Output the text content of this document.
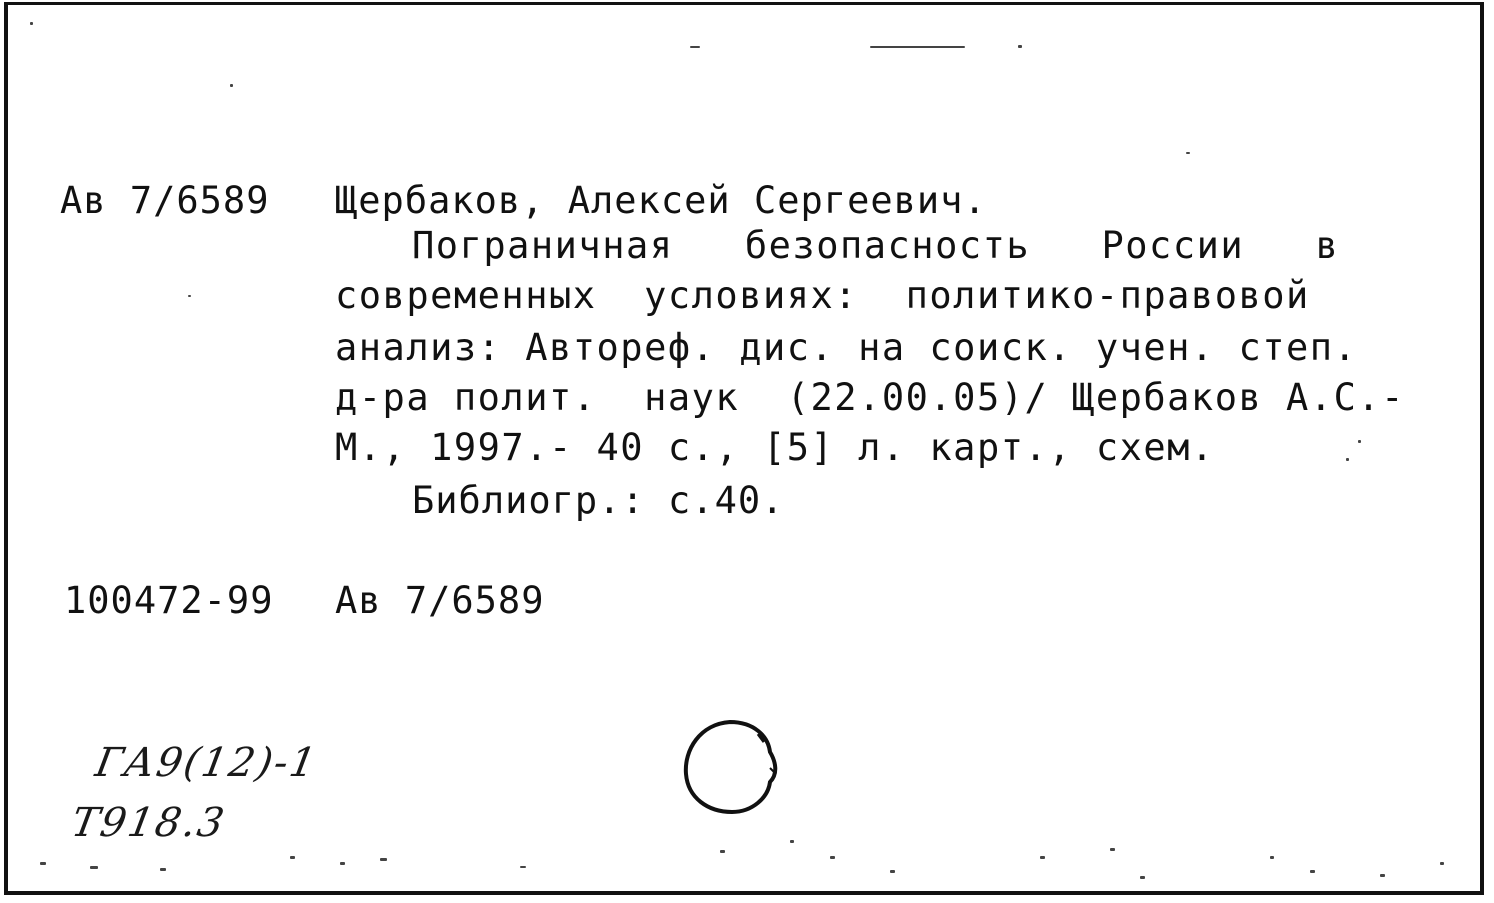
Ав 7/6589 Щербаков, Алексей Сергеевич.
Пограничная   безопасность   России   в
современных  условиях:  политико-правовой
анализ: Автореф. дис. на соиск. учен. степ.
д-ра полит.  наук  (22.00.05)/ Щербаков А.С.-
М., 1997.- 40 с., [5] л. карт., схем.
Библиогр.: с.40.
100472-99 Ав 7/6589
ГА9(12)-1
Т918.3
